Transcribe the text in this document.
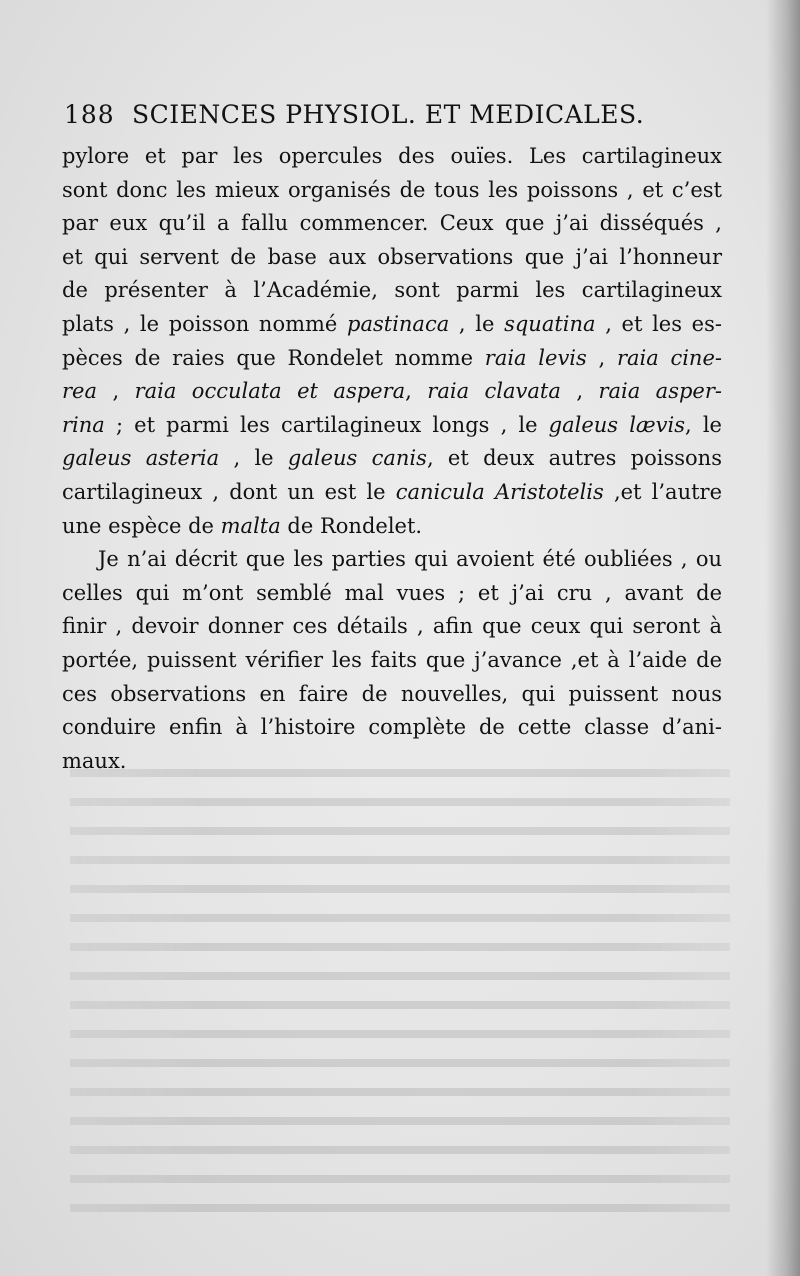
188 SCIENCES PHYSIOL. ET MEDICALES.
pylore et par les opercules des ouïes. Les cartilagineux
sont donc les mieux organisés de tous les poissons , et c’est
par eux qu’il a fallu commencer. Ceux que j’ai disséqués ,
et qui servent de base aux observations que j’ai l’honneur
de présenter à l’Académie, sont parmi les cartilagineux
plats , le poisson nommé pastinaca , le squatina , et les es-
pèces de raies que Rondelet nomme raia levis , raia cine-
rea , raia occulata et aspera, raia clavata , raia asper-
rina ; et parmi les cartilagineux longs , le galeus lævis, le
galeus asteria , le galeus canis, et deux autres poissons
cartilagineux , dont un est le canicula Aristotelis ,et l’autre
une espèce de malta de Rondelet.
Je n’ai décrit que les parties qui avoient été oubliées , ou
celles qui m’ont semblé mal vues ; et j’ai cru , avant de
finir , devoir donner ces détails , afin que ceux qui seront à
portée, puissent vérifier les faits que j’avance ,et à l’aide de
ces observations en faire de nouvelles, qui puissent nous
conduire enfin à l’histoire complète de cette classe d’ani-
maux.
